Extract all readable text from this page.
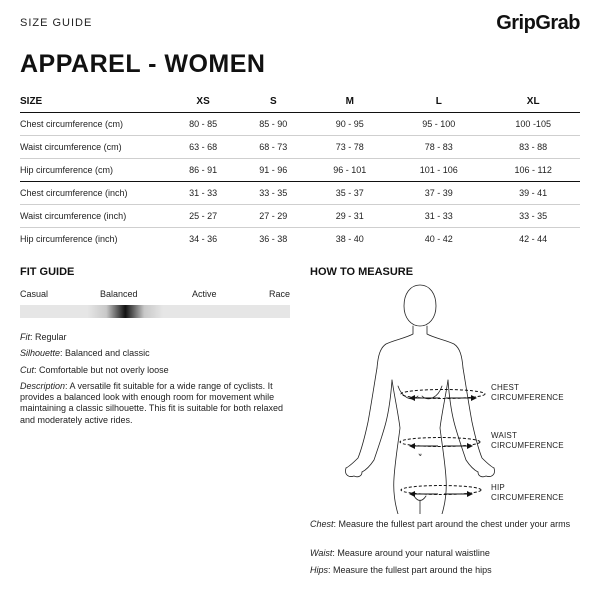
SIZE GUIDE	GripGrab
APPAREL - WOMEN
SIZE	XS	S	M	L	XL
Chest circumference (cm)	80 - 85	85 - 90	90 - 95	95 - 100	100 -105
Waist circumference (cm)	63 - 68	68 - 73	73 - 78	78 - 83	83 - 88
Hip circumference (cm)	86 - 91	91 - 96	96 - 101	101 - 106	106 - 112
Chest circumference (inch)	31 - 33	33 - 35	35 - 37	37 - 39	39 - 41
Waist circumference (inch)	25 - 27	27 - 29	29 - 31	31 - 33	33 - 35
Hip circumference (inch)	34 - 36	36 - 38	38 - 40	40 - 42	42 - 44
FIT GUIDE
Casual	Balanced	Active	Race
Fit: Regular
Silhouette: Balanced and classic
Cut: Comfortable but not overly loose
Description: A versatile fit suitable for a wide range of cyclists. It provides a balanced look with enough room for movement while maintaining a classic silhouette. This fit is suitable for both relaxed and moderately active rides.
HOW TO MEASURE
CHEST
CIRCUMFERENCE
WAIST
CIRCUMFERENCE
HIP
CIRCUMFERENCE
Chest: Measure the fullest part around the chest under your arms
Waist: Measure around your natural waistline
Hips: Measure the fullest part around the hips
